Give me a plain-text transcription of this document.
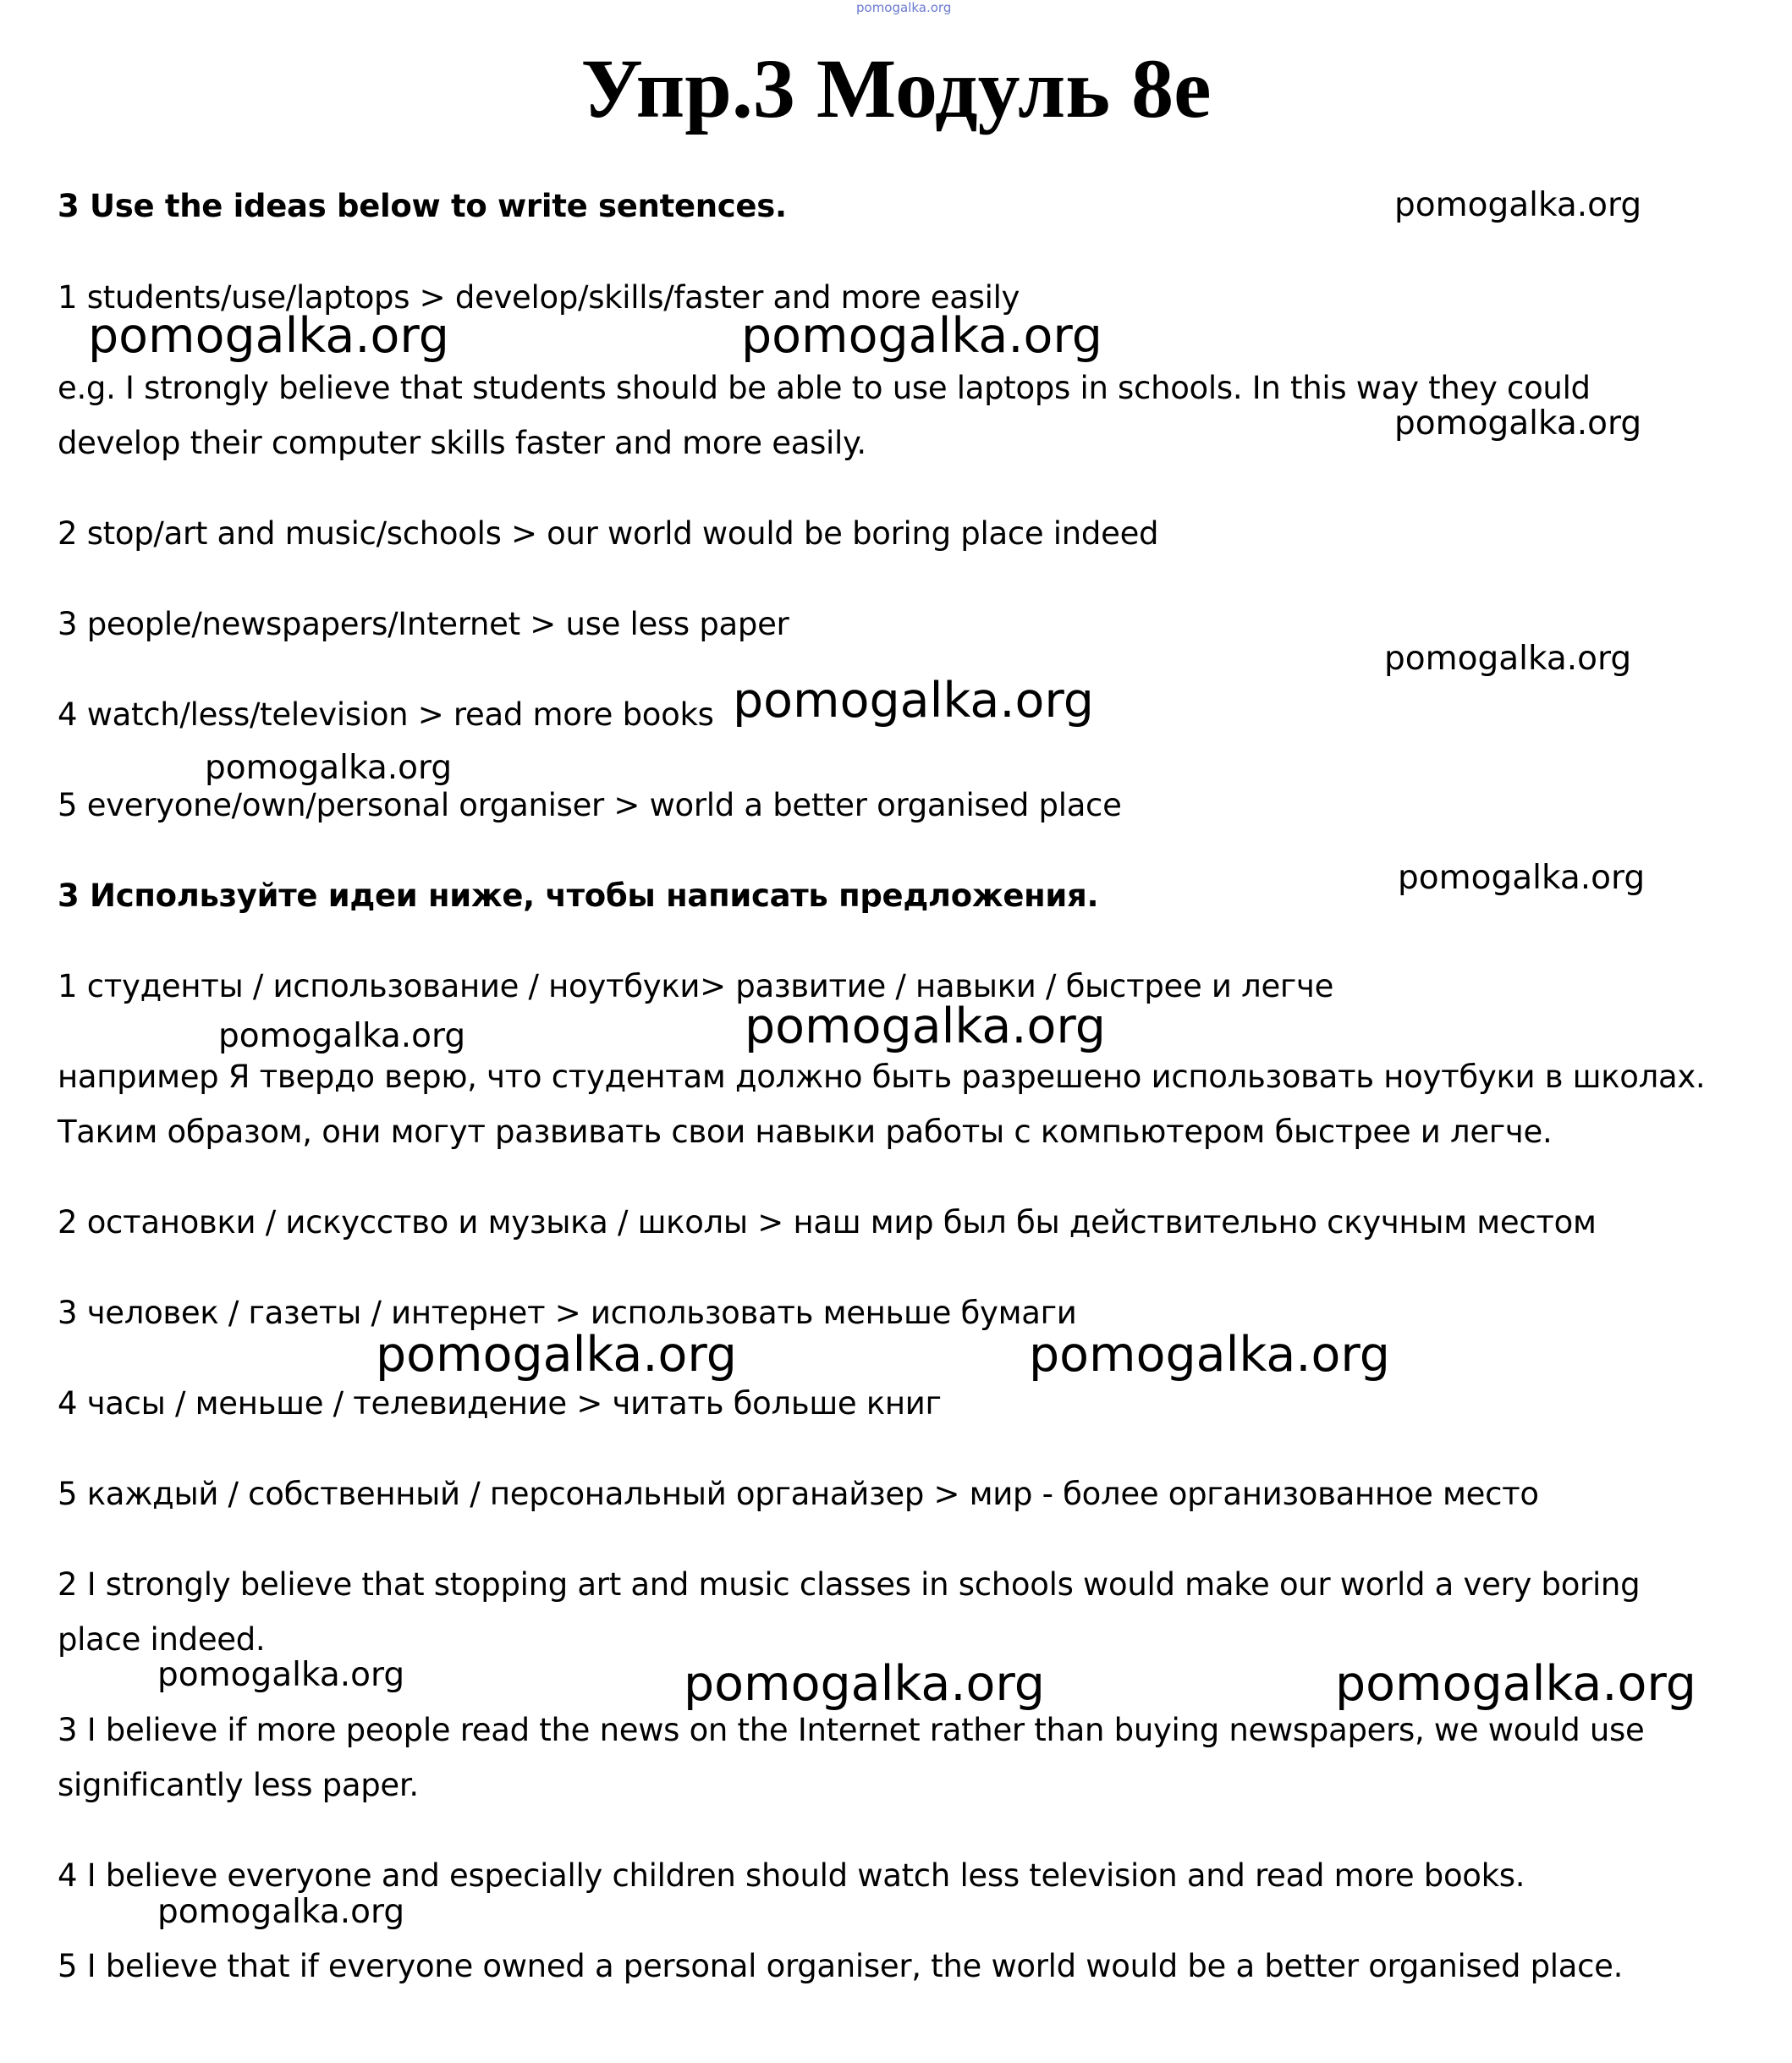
pomogalka.org
Упр.3 Модуль 8е
3 Use the ideas below to write sentences.
1 students/use/laptops > develop/skills/faster and more easily
e.g. I strongly believe that students should be able to use laptops in schools. In this way they could
develop their computer skills faster and more easily.
2 stop/art and music/schools > our world would be boring place indeed
3 people/newspapers/Internet > use less paper
4 watch/less/television > read more books
5 everyone/own/personal organiser > world a better organised place
3 Используйте идеи ниже, чтобы написать предложения.
1 студенты / использование / ноутбуки> развитие / навыки / быстрее и легче
например Я твердо верю, что студентам должно быть разрешено использовать ноутбуки в школах.
Таким образом, они могут развивать свои навыки работы с компьютером быстрее и легче.
2 остановки / искусство и музыка / школы > наш мир был бы действительно скучным местом
3 человек / газеты / интернет > использовать меньше бумаги
4 часы / меньше / телевидение > читать больше книг
5 каждый / собственный / персональный органайзер > мир - более организованное место
2 I strongly believe that stopping art and music classes in schools would make our world a very boring
place indeed.
3 I believe if more people read the news on the Internet rather than buying newspapers, we would use
significantly less paper.
4 I believe everyone and especially children should watch less television and read more books.
5 I believe that if everyone owned a personal organiser, the world would be a better organised place.
pomogalka.org
pomogalka.org	pomogalka.org
pomogalka.org
pomogalka.org
pomogalka.org
pomogalka.org
pomogalka.org
pomogalka.org	pomogalka.org
pomogalka.org	pomogalka.org
pomogalka.org	pomogalka.org	pomogalka.org
pomogalka.org
